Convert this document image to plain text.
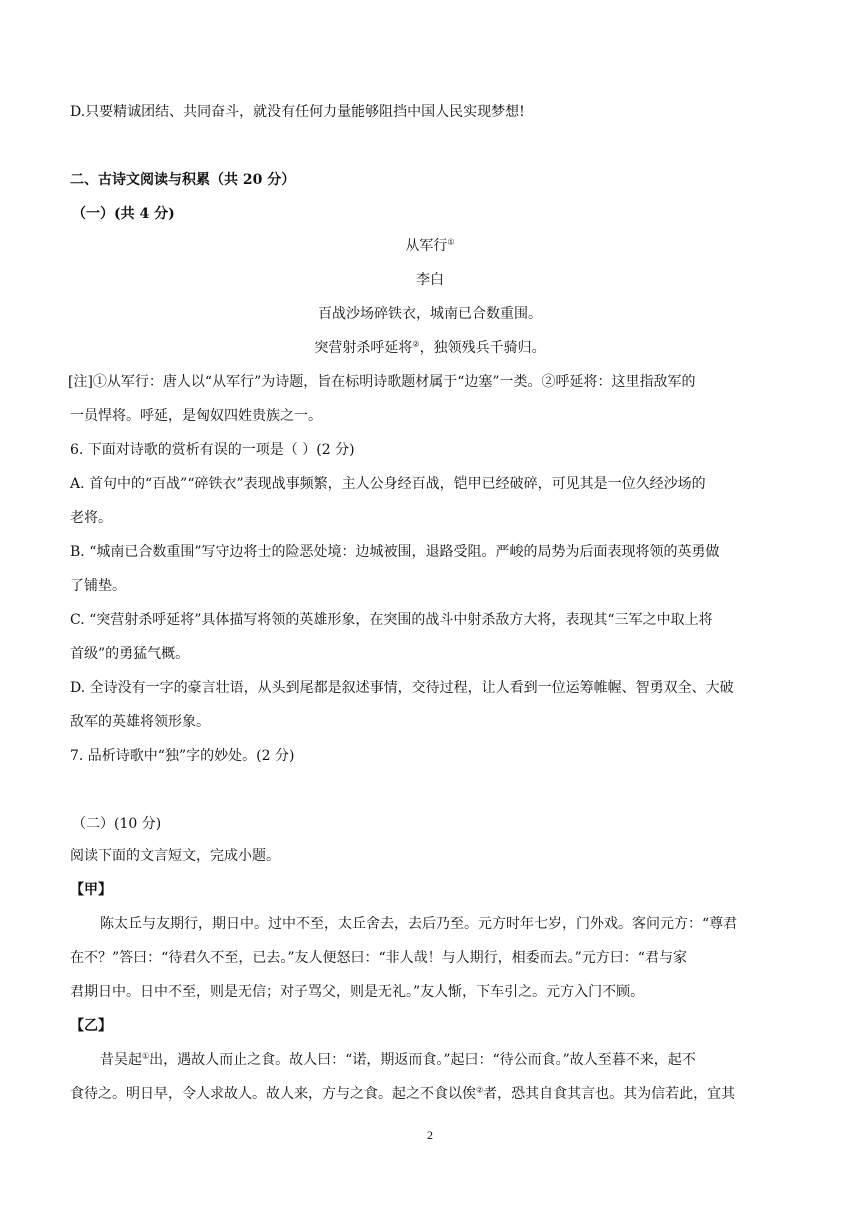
D.只要精诚团结、共同奋斗，就没有任何力量能够阻挡中国人民实现梦想!
二、古诗文阅读与积累（共 20 分）
（一）(共 4 分)
从军行①
李白
百战沙场碎铁衣，城南已合数重围。
突营射杀呼延将②，独领残兵千骑归。
[注]①从军行：唐人以“从军行”为诗题，旨在标明诗歌题材属于“边塞”一类。②呼延将：这里指敌军的
一员悍将。呼延，是匈奴四姓贵族之一。
6. 下面对诗歌的赏析有误的一项是（ ）(2 分)
A. 首句中的“百战”“碎铁衣”表现战事频繁，主人公身经百战，铠甲已经破碎，可见其是一位久经沙场的
老将。
B. “城南已合数重围”写守边将士的险恶处境：边城被围，退路受阻。严峻的局势为后面表现将领的英勇做
了铺垫。
C. “突营射杀呼延将”具体描写将领的英雄形象，在突围的战斗中射杀敌方大将，表现其“三军之中取上将
首级”的勇猛气概。
D. 全诗没有一字的豪言壮语，从头到尾都是叙述事情，交待过程，让人看到一位运筹帷幄、智勇双全、大破
敌军的英雄将领形象。
7. 品析诗歌中“独”字的妙处。(2 分)
（二）(10 分)
阅读下面的文言短文，完成小题。
【甲】
陈太丘与友期行，期日中。过中不至，太丘舍去，去后乃至。元方时年七岁，门外戏。客问元方：“尊君
在不？”答曰：“待君久不至，已去。”友人便怒曰：“非人哉！与人期行，相委而去。”元方曰：“君与家
君期日中。日中不至，则是无信；对子骂父，则是无礼。”友人惭，下车引之。元方入门不顾。
【乙】
昔吴起①出，遇故人而止之食。故人曰：“诺，期返而食。”起曰：“待公而食。”故人至暮不来，起不
食待之。明日早，令人求故人。故人来，方与之食。起之不食以俟②者，恐其自食其言也。其为信若此，宜其
2
